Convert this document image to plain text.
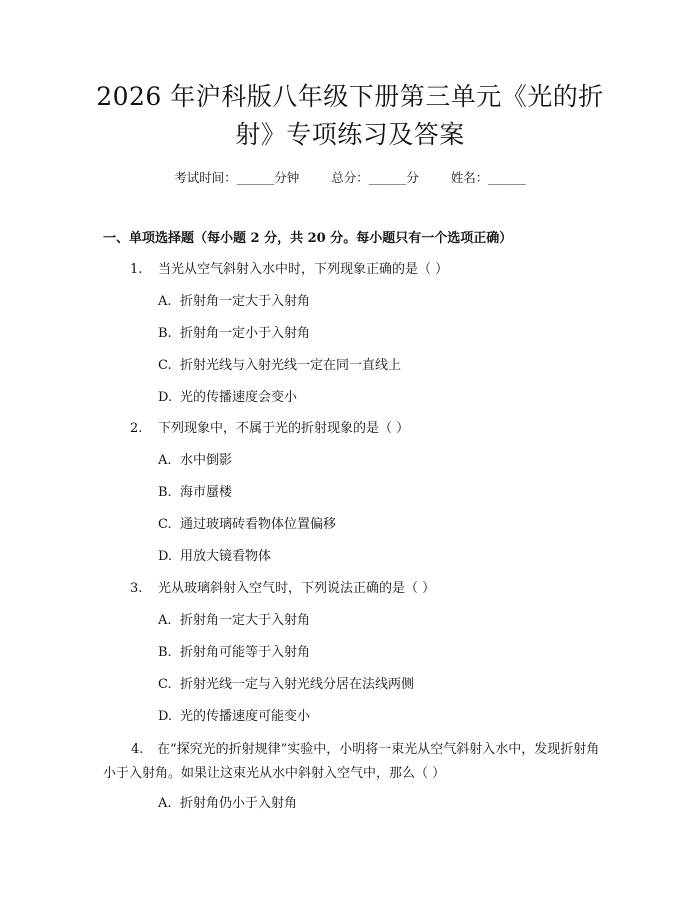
2026 年沪科版八年级下册第三单元《光的折
射》专项练习及答案
考试时间：______分钟	总分：______分	姓名：______
一、单项选择题（每小题 2 分，共 20 分。每小题只有一个选项正确）
1. 当光从空气斜射入水中时，下列现象正确的是（ ）
A. 折射角一定大于入射角
B. 折射角一定小于入射角
C. 折射光线与入射光线一定在同一直线上
D. 光的传播速度会变小
2. 下列现象中，不属于光的折射现象的是（ ）
A. 水中倒影
B. 海市蜃楼
C. 通过玻璃砖看物体位置偏移
D. 用放大镜看物体
3. 光从玻璃斜射入空气时，下列说法正确的是（ ）
A. 折射角一定大于入射角
B. 折射角可能等于入射角
C. 折射光线一定与入射光线分居在法线两侧
D. 光的传播速度可能变小
4. 在“探究光的折射规律”实验中，小明将一束光从空气斜射入水中，发现折射角小于入射角。如果让这束光从水中斜射入空气中，那么（ ）
A. 折射角仍小于入射角
